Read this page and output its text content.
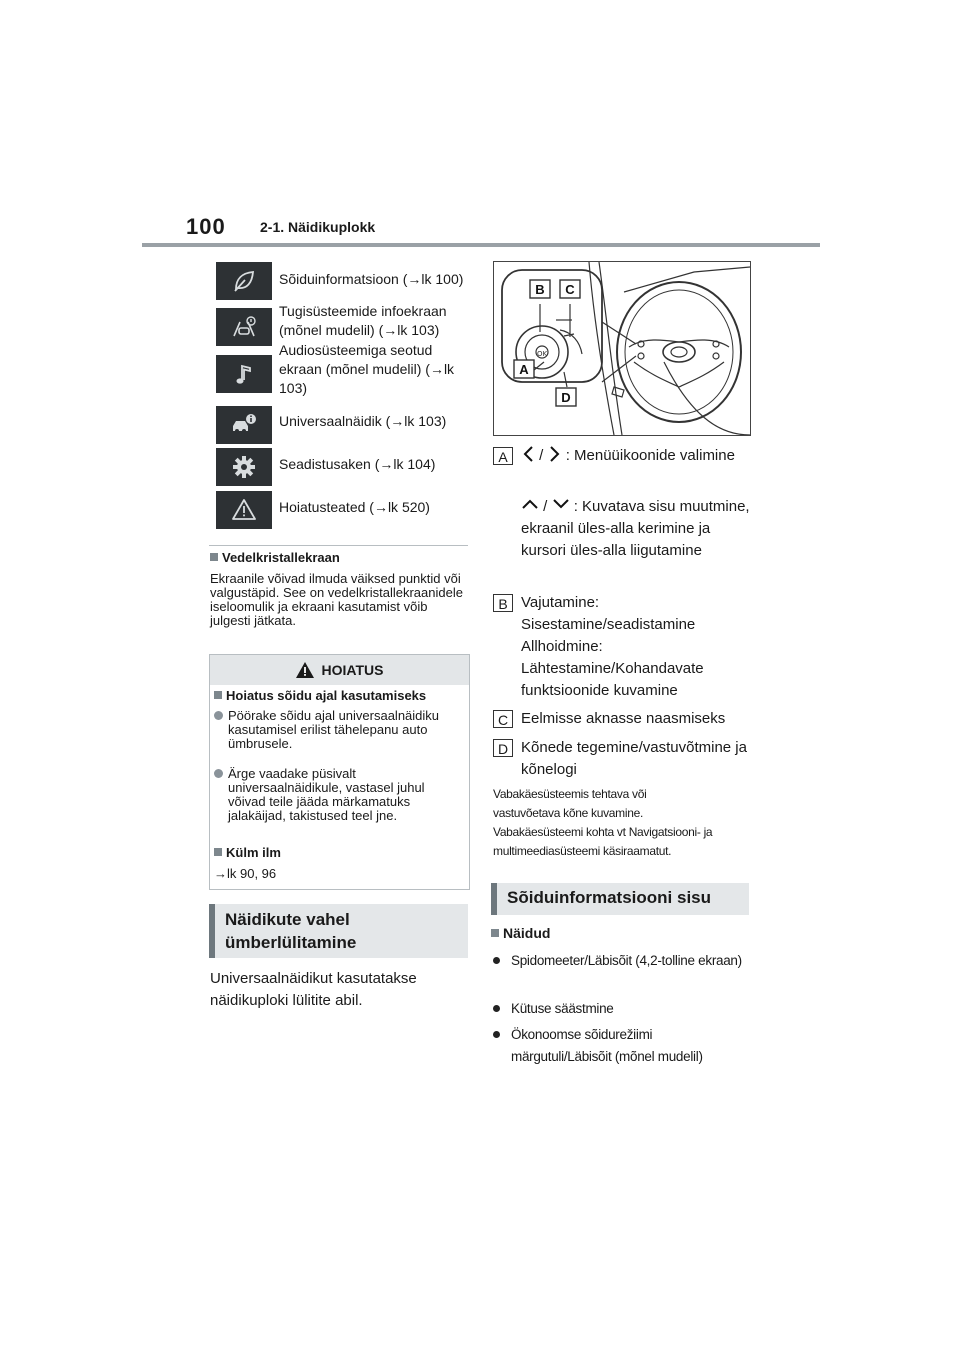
100 2-1. Näidikuplokk
Sõiduinformatsioon (→lk 100)
Tugisüsteemide infoekraan (mõnel mudelil) (→lk 103)
Audiosüsteemiga seotud ekraan (mõnel mudelil) (→lk 103)
Universaalnäidik (→lk 103)
Seadistusaken (→lk 104)
Hoiatusteated (→lk 520)
Vedelkristallekraan
Ekraanile võivad ilmuda väiksed punktid või valgustäpid. See on vedelkristallekraanidele iseloomulik ja ekraani kasutamist võib julgesti jätkata.
HOIATUS
Hoiatus sõidu ajal kasutamiseks
Pöörake sõidu ajal universaalnäidiku kasutamisel erilist tähelepanu auto ümbrusele.
Ärge vaadake püsivalt universaalnäidikule, vastasel juhul võivad teile jääda märkamatuks jalakäijad, takistused teel jne.
Külm ilm
→lk 90, 96
Näidikute vahel
ümberlülitamine
Universaalnäidikut kasutatakse näidikuploki lülitite abil.
OK
B C
A
D
A	/ : Menüüikoonide valimine
/ : Kuvatava sisu muutmine, ekraanil üles-alla kerimine ja kursori üles-alla liigutamine
B Vajutamine: Sisestamine/seadistamine Allhoidmine: Lähtestamine/Kohandavate funktsioonide kuvamine
C Eelmisse aknasse naasmiseks
D Kõnede tegemine/vastuvõtmine ja kõnelogi
Vabakäesüsteemis tehtava või vastuvõetava kõne kuvamine.
Vabakäesüsteemi kohta vt Navigatsiooni- ja multimeediasüsteemi käsiraamatut.
Sõiduinformatsiooni sisu
Näidud
Spidomeeter/Läbisõit (4,2-tolline ekraan)
Kütuse säästmine
Ökonoomse sõidurežiimi märgutuli/Läbisõit (mõnel mudelil)
